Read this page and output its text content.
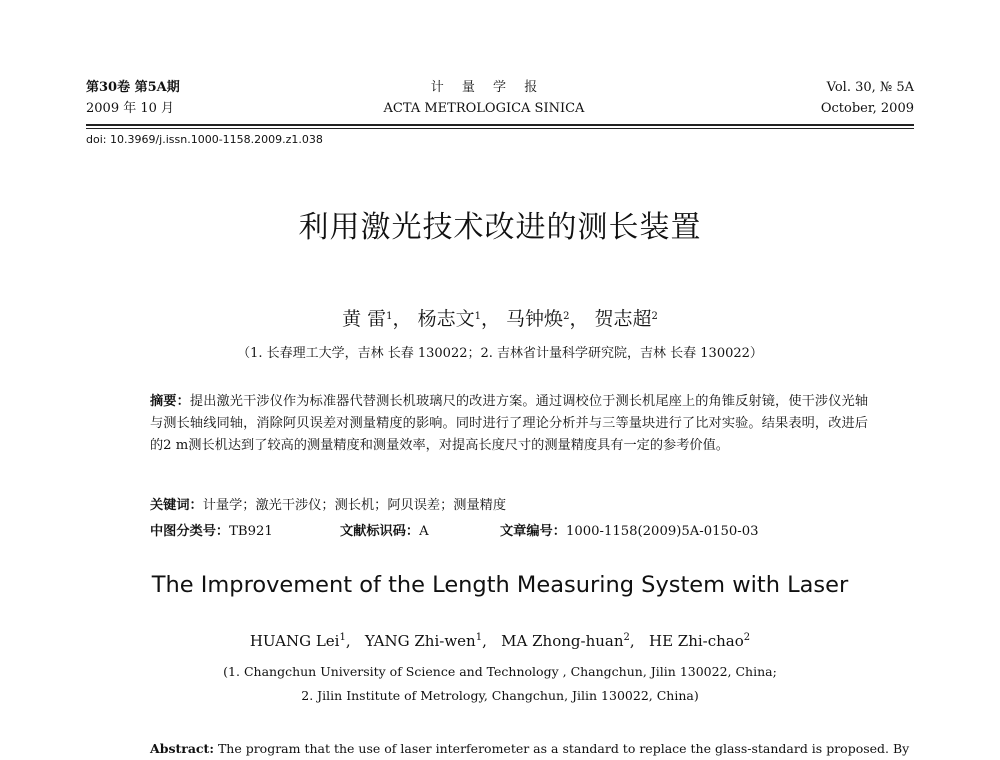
第30卷 第5A期
2009 年 10 月
计 量 学 报
ACTA METROLOGICA SINICA
Vol. 30, № 5A
October, 2009
doi: 10.3969/j.issn.1000-1158.2009.z1.038
利用激光技术改进的测长装置
黄 雷$^1$， 杨志文$^1$， 马钟焕$^2$， 贺志超$^2$
（1. 长春理工大学，吉林 长春 130022；2. 吉林省计量科学研究院，吉林 长春 130022）
摘要：提出激光干涉仪作为标准器代替测长机玻璃尺的改进方案。通过调校位于测长机尾座上的角锥反射镜，使干涉仪光轴与测长轴线同轴，消除阿贝误差对测量精度的影响。同时进行了理论分析并与三等量块进行了比对实验。结果表明，改进后的2 m测长机达到了较高的测量精度和测量效率，对提高长度尺寸的测量精度具有一定的参考价值。
关键词：计量学；激光干涉仪；测长机；阿贝误差；测量精度
中图分类号：TB921	文献标识码：A	文章编号：1000-1158(2009)5A-0150-03
The Improvement of the Length Measuring System with Laser
HUANG Lei$^1$, YANG Zhi-wen$^1$, MA Zhong-huan$^2$, HE Zhi-chao$^2$
(1. Changchun University of Science and Technology , Changchun, Jilin 130022, China;
2. Jilin Institute of Metrology, Changchun, Jilin 130022, China)
Abstract: The program that the use of laser interferometer as a standard to replace the glass-standard is proposed. By
